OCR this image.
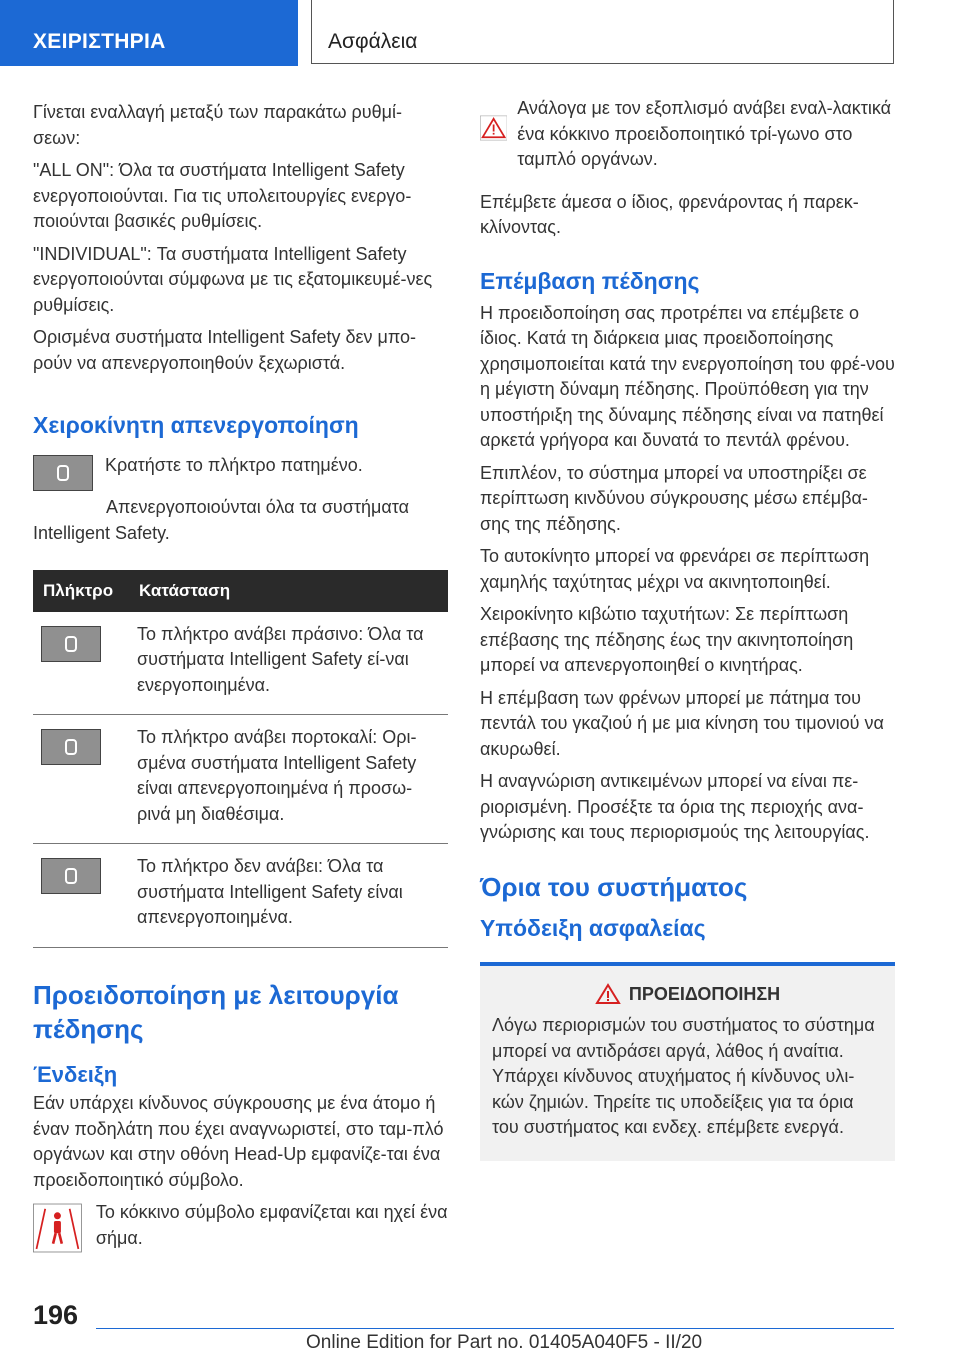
ΧΕΙΡΙΣΤΗΡΙΑ	Ασφάλεια

Γίνεται εναλλαγή μεταξύ των παρακάτω ρυθμί‐σεων:

"ALL ON": Όλα τα συστήματα Intelligent Safety ενεργοποιούνται. Για τις υπολειτουργίες ενεργο‐ποιούνται βασικές ρυθμίσεις.

"INDIVIDUAL": Τα συστήματα Intelligent Safety ενεργοποιούνται σύμφωνα με τις εξατομικευμέ‐νες ρυθμίσεις.

Ορισμένα συστήματα Intelligent Safety δεν μπο‐ρούν να απενεργοποιηθούν ξεχωριστά.

Χειροκίνητη απενεργοποίηση

Κρατήστε το πλήκτρο πατημένο.

Απενεργοποιούνται όλα τα συστήματα Intelligent Safety.

Πλήκτρο	Κατάσταση
	Το πλήκτρο ανάβει πράσινο: Όλα τα συστήματα Intelligent Safety εί‐ναι ενεργοποιημένα.
	Το πλήκτρο ανάβει πορτοκαλί: Ορι‐σμένα συστήματα Intelligent Safety είναι απενεργοποιημένα ή προσω‐ρινά μη διαθέσιμα.
	Το πλήκτρο δεν ανάβει: Όλα τα συστήματα Intelligent Safety είναι απενεργοποιημένα.
Προειδοποίηση με λειτουργία πέδησης
Ένδειξη

Εάν υπάρχει κίνδυνος σύγκρουσης με ένα άτομο ή έναν ποδηλάτη που έχει αναγνωριστεί, στο ταμ‐πλό οργάνων και στην οθόνη Head-Up εμφανίζε‐ται ένα προειδοποιητικό σύμβολο.

Το κόκκινο σύμβολο εμφανίζεται και ηχεί ένα σήμα.

Ανάλογα με τον εξοπλισμό ανάβει εναλ‐λακτικά ένα κόκκινο προειδοποιητικό τρί‐γωνο στο ταμπλό οργάνων.

Επέμβετε άμεσα ο ίδιος, φρενάροντας ή παρεκ‐κλίνοντας.

Επέμβαση πέδησης

Η προειδοποίηση σας προτρέπει να επέμβετε ο ίδιος. Κατά τη διάρκεια μιας προειδοποίησης χρησιμοποιείται κατά την ενεργοποίηση του φρέ‐νου η μέγιστη δύναμη πέδησης. Προϋπόθεση για την υποστήριξη της δύναμης πέδησης είναι να πατηθεί αρκετά γρήγορα και δυνατά το πεντάλ φρένου.

Επιπλέον, το σύστημα μπορεί να υποστηρίξει σε περίπτωση κινδύνου σύγκρουσης μέσω επέμβα‐σης της πέδησης.

Το αυτοκίνητο μπορεί να φρενάρει σε περίπτωση χαμηλής ταχύτητας μέχρι να ακινητοποιηθεί.

Χειροκίνητο κιβώτιο ταχυτήτων: Σε περίπτωση επέβασης της πέδησης έως την ακινητοποίηση μπορεί να απενεργοποιηθεί ο κινητήρας.

Η επέμβαση των φρένων μπορεί με πάτημα του πεντάλ του γκαζιού ή με μια κίνηση του τιμονιού να ακυρωθεί.

Η αναγνώριση αντικειμένων μπορεί να είναι πε‐ριορισμένη. Προσέξτε τα όρια της περιοχής ανα‐γνώρισης και τους περιορισμούς της λειτουργίας.

Όρια του συστήματος
Υπόδειξη ασφαλείας
ΠΡΟΕΙΔΟΠΟΙΗΣΗ

Λόγω περιορισμών του συστήματος το σύστημα μπορεί να αντιδράσει αργά, λάθος ή αναίτια. Υπάρχει κίνδυνος ατυχήματος ή κίνδυνος υλι‐κών ζημιών. Τηρείτε τις υποδείξεις για τα όρια του συστήματος και ενδεχ. επέμβετε ενεργά.

196
Online Edition for Part no. 01405A040F5 - II/20
